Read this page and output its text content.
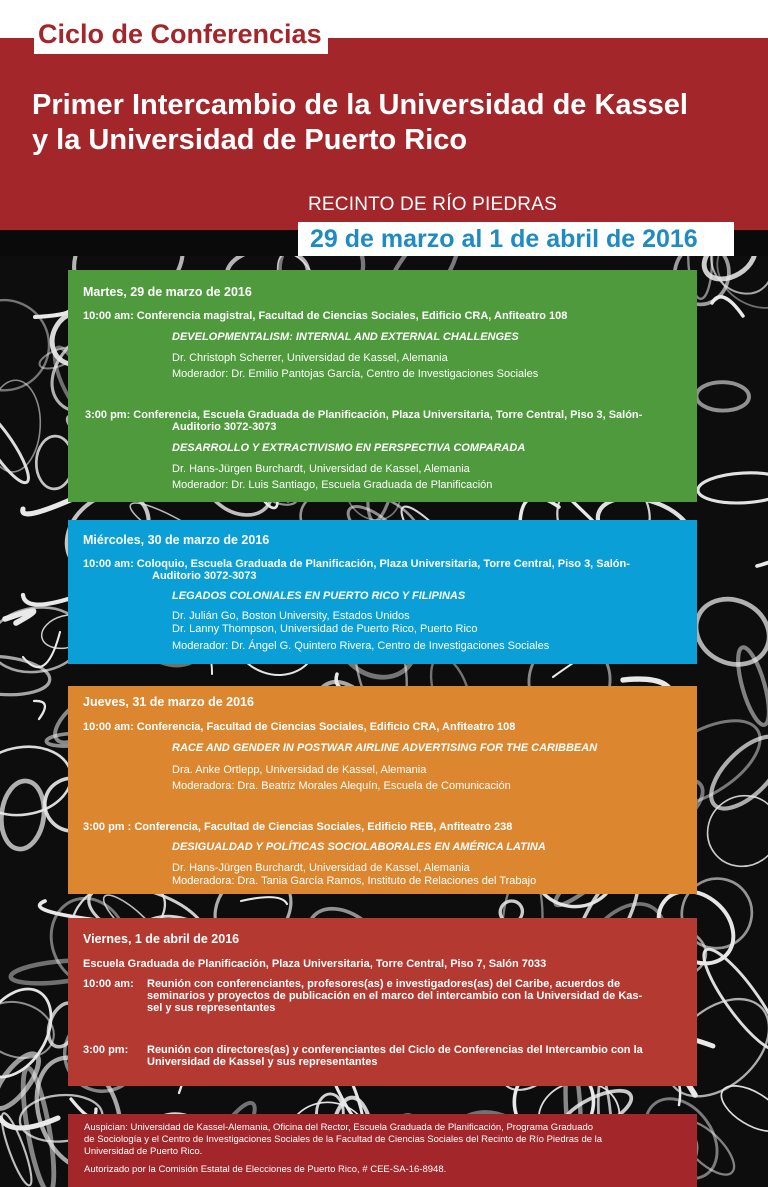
Ciclo de Conferencias
Primer Intercambio de la Universidad de Kassel
y la Universidad de Puerto Rico
RECINTO DE RÍO PIEDRAS
29 de marzo al 1 de abril de 2016
Martes, 29 de marzo de 2016
10:00 am: Conferencia magistral, Facultad de Ciencias Sociales, Edificio CRA, Anfiteatro 108
DEVELOPMENTALISM: INTERNAL AND EXTERNAL CHALLENGES
Dr. Christoph Scherrer, Universidad de Kassel, Alemania
Moderador: Dr. Emilio Pantojas García, Centro de Investigaciones Sociales
3:00 pm: Conferencia, Escuela Graduada de Planificación, Plaza Universitaria, Torre Central, Piso 3, Salón-
Auditorio 3072-3073
DESARROLLO Y EXTRACTIVISMO EN PERSPECTIVA COMPARADA
Dr. Hans-Jürgen Burchardt, Universidad de Kassel, Alemania
Moderador: Dr. Luis Santiago, Escuela Graduada de Planificación
Miércoles, 30 de marzo de 2016
10:00 am: Coloquio, Escuela Graduada de Planificación, Plaza Universitaria, Torre Central, Piso 3, Salón-
Auditorio 3072-3073
LEGADOS COLONIALES EN PUERTO RICO Y FILIPINAS
Dr. Julián Go, Boston University, Estados Unidos
Dr. Lanny Thompson, Universidad de Puerto Rico, Puerto Rico
Moderador: Dr. Ángel G. Quintero Rivera, Centro de Investigaciones Sociales
Jueves, 31 de marzo de 2016
10:00 am: Conferencia, Facultad de Ciencias Sociales, Edificio CRA, Anfiteatro 108
RACE AND GENDER IN POSTWAR AIRLINE ADVERTISING FOR THE CARIBBEAN
Dra. Anke Ortlepp, Universidad de Kassel, Alemania
Moderadora: Dra. Beatriz Morales Alequín, Escuela de Comunicación
3:00 pm : Conferencia, Facultad de Ciencias Sociales, Edificio REB, Anfiteatro 238
DESIGUALDAD Y POLÍTICAS SOCIOLABORALES EN AMÉRICA LATINA
Dr. Hans-Jürgen Burchardt, Universidad de Kassel, Alemania
Moderadora: Dra. Tania García Ramos, Instituto de Relaciones del Trabajo
Viernes, 1 de abril de 2016
Escuela Graduada de Planificación, Plaza Universitaria, Torre Central, Piso 7, Salón 7033
10:00 am: Reunión con conferenciantes, profesores(as) e investigadores(as) del Caribe, acuerdos de
seminarios y proyectos de publicación en el marco del intercambio con la Universidad de Kas-
sel y sus representantes
3:00 pm: Reunión con directores(as) y conferenciantes del Ciclo de Conferencias del Intercambio con la
Universidad de Kassel y sus representantes
Auspician: Universidad de Kassel-Alemania, Oficina del Rector, Escuela Graduada de Planificación, Programa Graduado
de Sociología y el Centro de Investigaciones Sociales de la Facultad de Ciencias Sociales del Recinto de Río Piedras de la
Universidad de Puerto Rico.
Autorizado por la Comisión Estatal de Elecciones de Puerto Rico, # CEE-SA-16-8948.
